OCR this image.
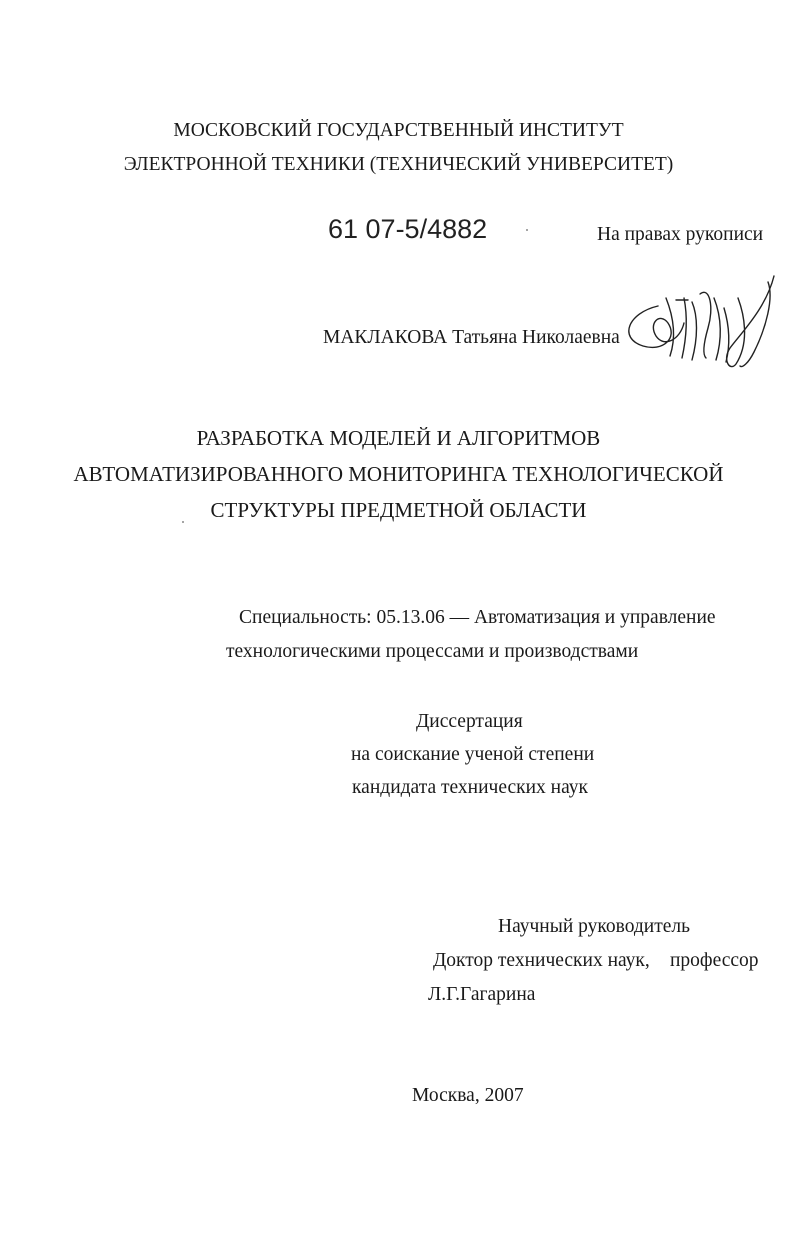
МОСКОВСКИЙ ГОСУДАРСТВЕННЫЙ ИНСТИТУТ
ЭЛЕКТРОННОЙ ТЕХНИКИ (ТЕХНИЧЕСКИЙ УНИВЕРСИТЕТ)
61 07-5/4882	На правах рукописи
МАКЛАКОВА Татьяна Николаевна
РАЗРАБОТКА МОДЕЛЕЙ И АЛГОРИТМОВ
АВТОМАТИЗИРОВАННОГО МОНИТОРИНГА ТЕХНОЛОГИЧЕСКОЙ
СТРУКТУРЫ ПРЕДМЕТНОЙ ОБЛАСТИ
Специальность: 05.13.06 — Автоматизация и управление
технологическими процессами и производствами
Диссертация
на соискание ученой степени
кандидата технических наук
Научный руководитель
Доктор технических наук, профессор
Л.Г.Гагарина
Москва, 2007
